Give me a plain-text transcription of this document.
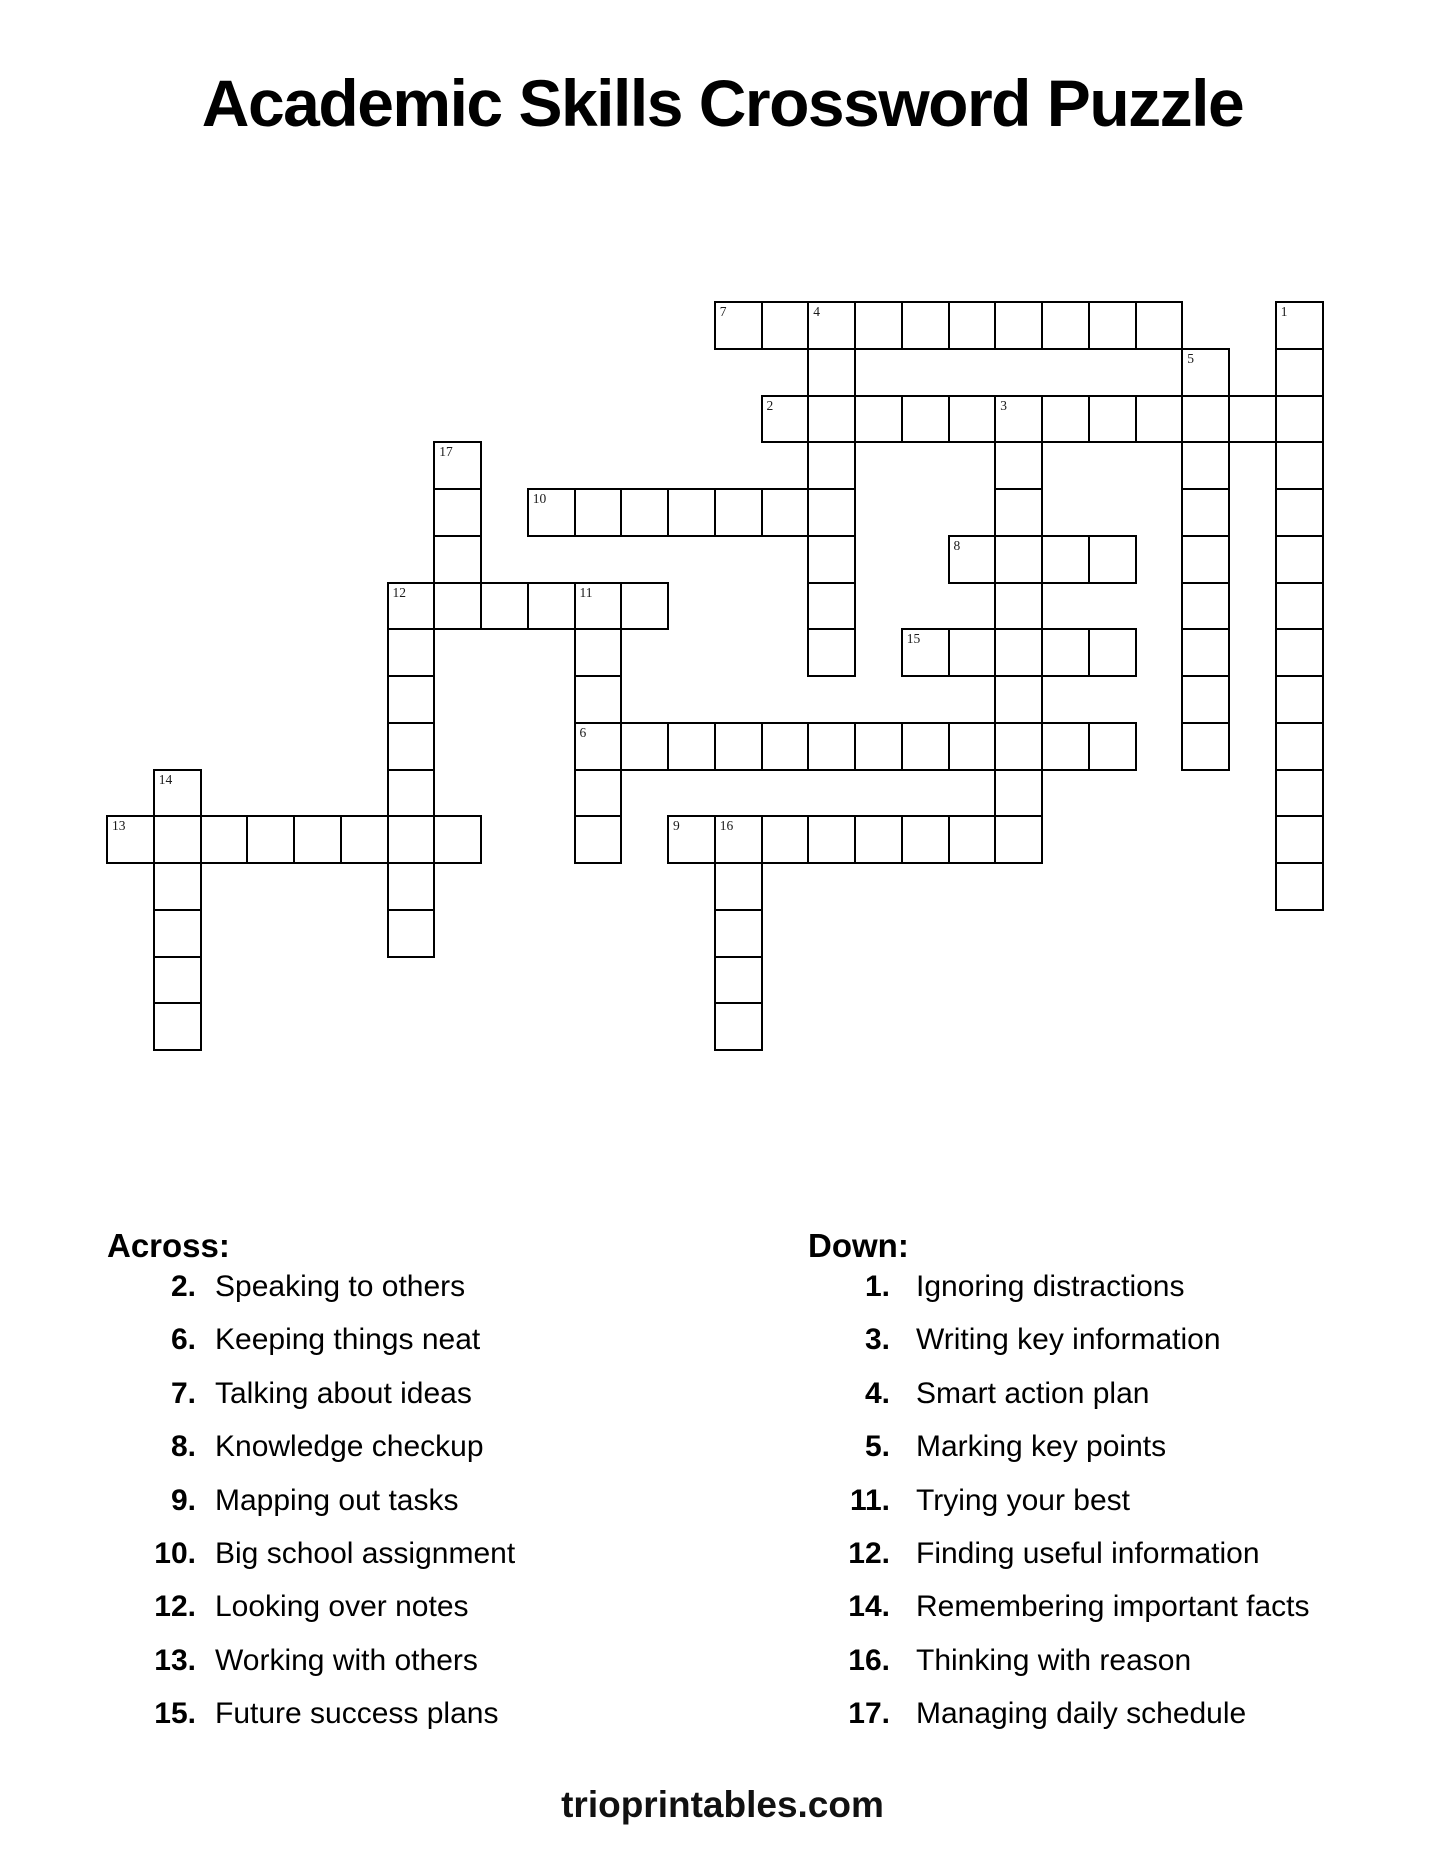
Academic Skills Crossword Puzzle
7	4	1
5
2	3
17
10
8
12	11
6
15
14
13	9	16
Across:
2. Speaking to others
6. Keeping things neat
7. Talking about ideas
8. Knowledge checkup
9. Mapping out tasks
10. Big school assignment
12. Looking over notes
13. Working with others
15. Future success plans
Down:
1. Ignoring distractions
3. Writing key information
4. Smart action plan
5. Marking key points
11. Trying your best
12. Finding useful information
14. Remembering important facts
16. Thinking with reason
17. Managing daily schedule
trioprintables.com
